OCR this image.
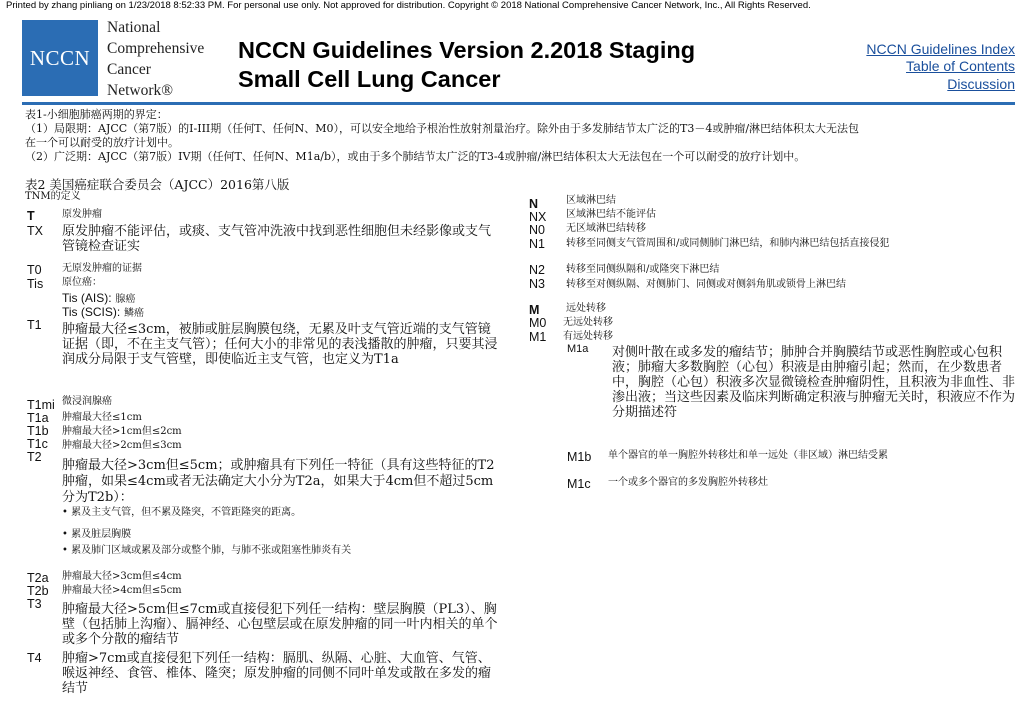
Printed by zhang pinliang on 1/23/2018 8:52:33 PM. For personal use only. Not approved for distribution. Copyright © 2018 National Comprehensive Cancer Network, Inc., All Rights Reserved.
NCCN
National
Comprehensive
Cancer
Network®
NCCN Guidelines Version 2.2018 Staging
Small Cell Lung Cancer
NCCN Guidelines Index
Table of Contents
Discussion
表1-小细胞肺癌两期的界定：
（1）局限期：AJCC（第7版）的I-III期（任何T、任何N、M0），可以安全地给予根治性放射剂量治疗。除外由于多发肺结节太广泛的T3－4或肿瘤/淋巴结体积太大无法包
在一个可以耐受的放疗计划中。
（2）广泛期：AJCC（第7版）IV期（任何T、任何N、M1a/b），或由于多个肺结节太广泛的T3-4或肿瘤/淋巴结体积太大无法包在一个可以耐受的放疗计划中。
表2 美国癌症联合委员会（AJCC）2016第八版
TNM的定义
T	原发肿瘤
TX 原发肿瘤不能评估，或痰、支气管冲洗液中找到恶性细胞但未经影像或支气管镜检查证实
T0 无原发肿瘤的证据
Tis 原位癌：
Tis (AIS): 腺癌
Tis (SCIS): 鳞癌
T1 肿瘤最大径≤3cm，被肺或脏层胸膜包绕，无累及叶支气管近端的支气管镜证据（即，不在主支气管）；任何大小的非常见的表浅播散的肿瘤，只要其浸润成分局限于支气管壁，即使临近主支气管，也定义为T1a
T1mi 微浸润腺癌
T1a 肿瘤最大径≤1cm
T1b 肿瘤最大径>1cm但≤2cm
T1c 肿瘤最大径>2cm但≤3cm
T2
肿瘤最大径>3cm但≤5cm；或肿瘤具有下列任一特征（具有这些特征的T2肿瘤，如果≤4cm或者无法确定大小分为T2a，如果大于4cm但不超过5cm分为T2b）：
• 累及主支气管，但不累及隆突，不管距隆突的距离。
• 累及脏层胸膜
• 累及肺门区域或累及部分或整个肺，与肺不张或阻塞性肺炎有关
T2a 肿瘤最大径>3cm但≤4cm
T2b 肿瘤最大径>4cm但≤5cm
T3 肿瘤最大径>5cm但≤7cm或直接侵犯下列任一结构：壁层胸膜（PL3）、胸壁（包括肺上沟瘤）、膈神经、心包壁层或在原发肿瘤的同一叶内相关的单个或多个分散的瘤结节
T4 肿瘤>7cm或直接侵犯下列任一结构：膈肌、纵隔、心脏、大血管、气管、喉返神经、食管、椎体、隆突；原发肿瘤的同侧不同叶单发或散在多发的瘤结节
N	区域淋巴结
NX 区域淋巴结不能评估
N0 无区域淋巴结转移
N1 转移至同侧支气管周围和/或同侧肺门淋巴结，和肺内淋巴结包括直接侵犯
N2 转移至同侧纵隔和/或隆突下淋巴结
N3 转移至对侧纵隔、对侧肺门、同侧或对侧斜角肌或锁骨上淋巴结
M	远处转移
M0 无远处转移
M1 有远处转移
M1a 对侧叶散在或多发的瘤结节；肺肿合并胸膜结节或恶性胸腔或心包积液；肺瘤大多数胸腔（心包）积液是由肿瘤引起；然而，在少数患者中，胸腔（心包）积液多次显微镜检查肿瘤阴性，且积液为非血性、非渗出液；当这些因素及临床判断确定积液与肿瘤无关时，积液应不作为分期描述符
M1b 单个器官的单一胸腔外转移灶和单一远处（非区域）淋巴结受累
M1c 一个或多个器官的多发胸腔外转移灶
